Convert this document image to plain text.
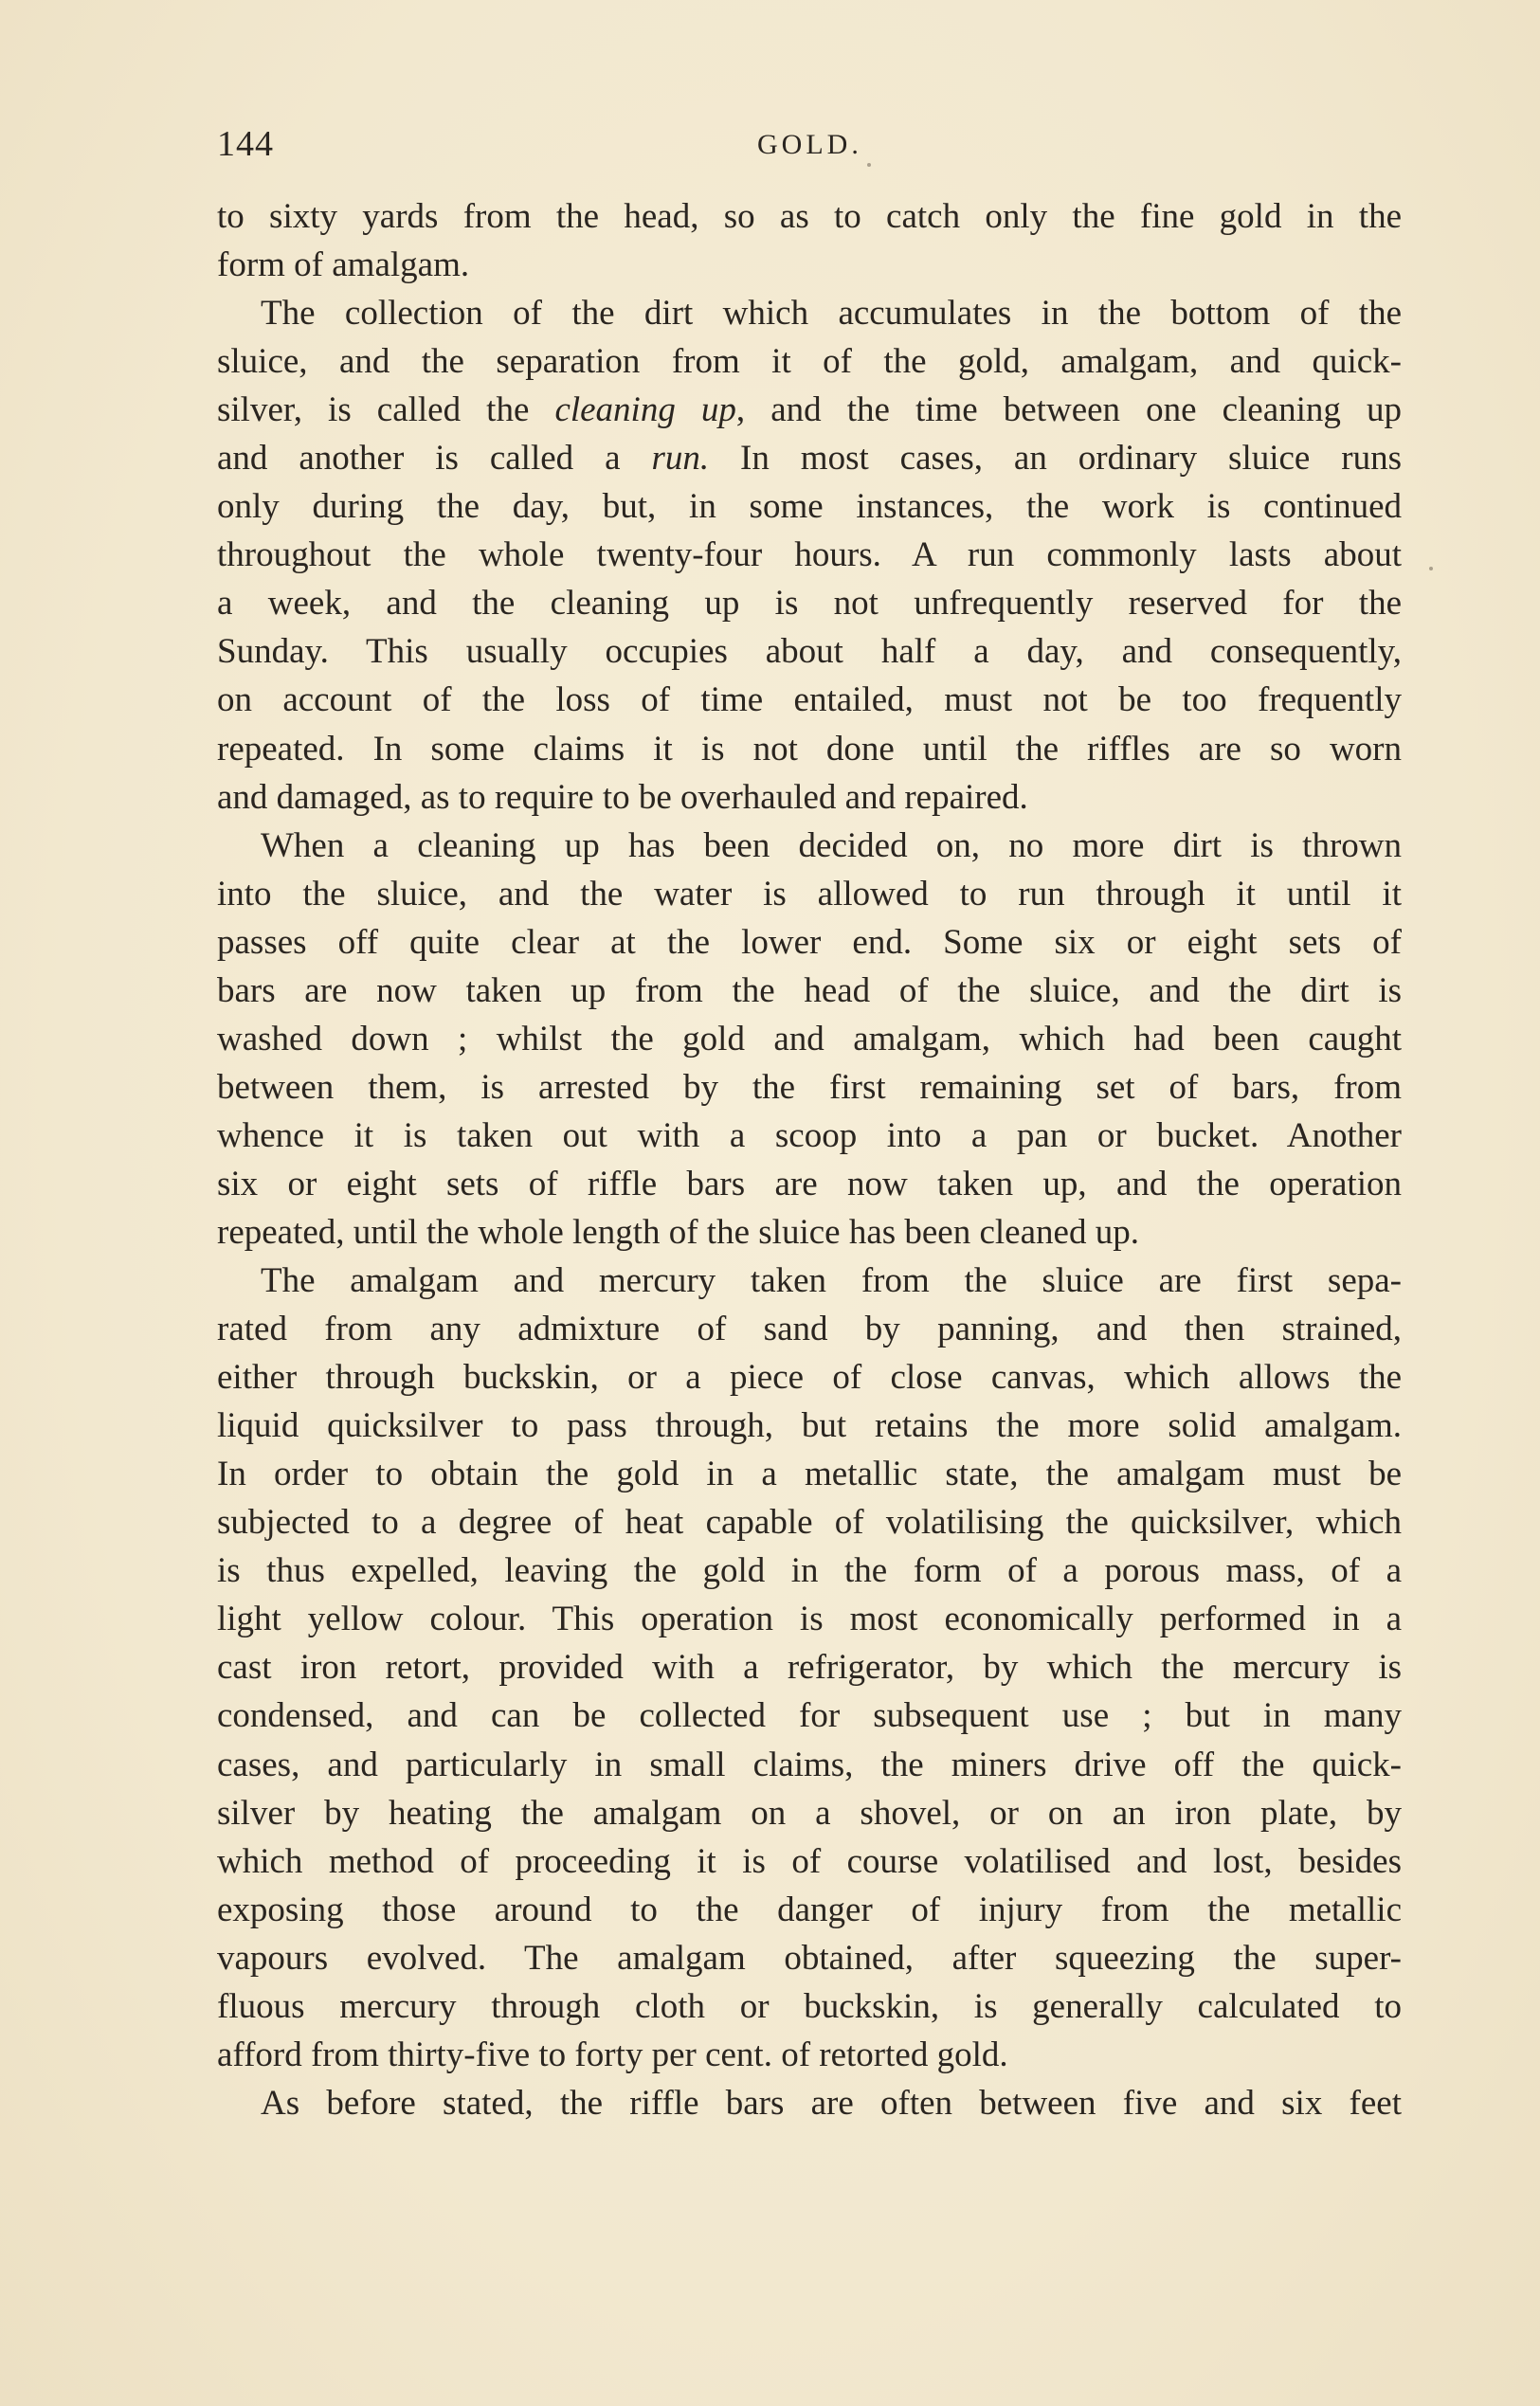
144	GOLD.
to sixty yards from the head, so as to catch only the fine gold in the
form of amalgam.
The collection of the dirt which accumulates in the bottom of the
sluice, and the separation from it of the gold, amalgam, and quick-
silver, is called the cleaning up, and the time between one cleaning up
and another is called a run. In most cases, an ordinary sluice runs
only during the day, but, in some instances, the work is continued
throughout the whole twenty-four hours. A run commonly lasts about
a week, and the cleaning up is not unfrequently reserved for the
Sunday. This usually occupies about half a day, and consequently,
on account of the loss of time entailed, must not be too frequently
repeated. In some claims it is not done until the riffles are so worn
and damaged, as to require to be overhauled and repaired.
When a cleaning up has been decided on, no more dirt is thrown
into the sluice, and the water is allowed to run through it until it
passes off quite clear at the lower end. Some six or eight sets of
bars are now taken up from the head of the sluice, and the dirt is
washed down ; whilst the gold and amalgam, which had been caught
between them, is arrested by the first remaining set of bars, from
whence it is taken out with a scoop into a pan or bucket. Another
six or eight sets of riffle bars are now taken up, and the operation
repeated, until the whole length of the sluice has been cleaned up.
The amalgam and mercury taken from the sluice are first sepa-
rated from any admixture of sand by panning, and then strained,
either through buckskin, or a piece of close canvas, which allows the
liquid quicksilver to pass through, but retains the more solid amalgam.
In order to obtain the gold in a metallic state, the amalgam must be
subjected to a degree of heat capable of volatilising the quicksilver, which
is thus expelled, leaving the gold in the form of a porous mass, of a
light yellow colour. This operation is most economically performed in a
cast iron retort, provided with a refrigerator, by which the mercury is
condensed, and can be collected for subsequent use ; but in many
cases, and particularly in small claims, the miners drive off the quick-
silver by heating the amalgam on a shovel, or on an iron plate, by
which method of proceeding it is of course volatilised and lost, besides
exposing those around to the danger of injury from the metallic
vapours evolved. The amalgam obtained, after squeezing the super-
fluous mercury through cloth or buckskin, is generally calculated to
afford from thirty-five to forty per cent. of retorted gold.
As before stated, the riffle bars are often between five and six feet
